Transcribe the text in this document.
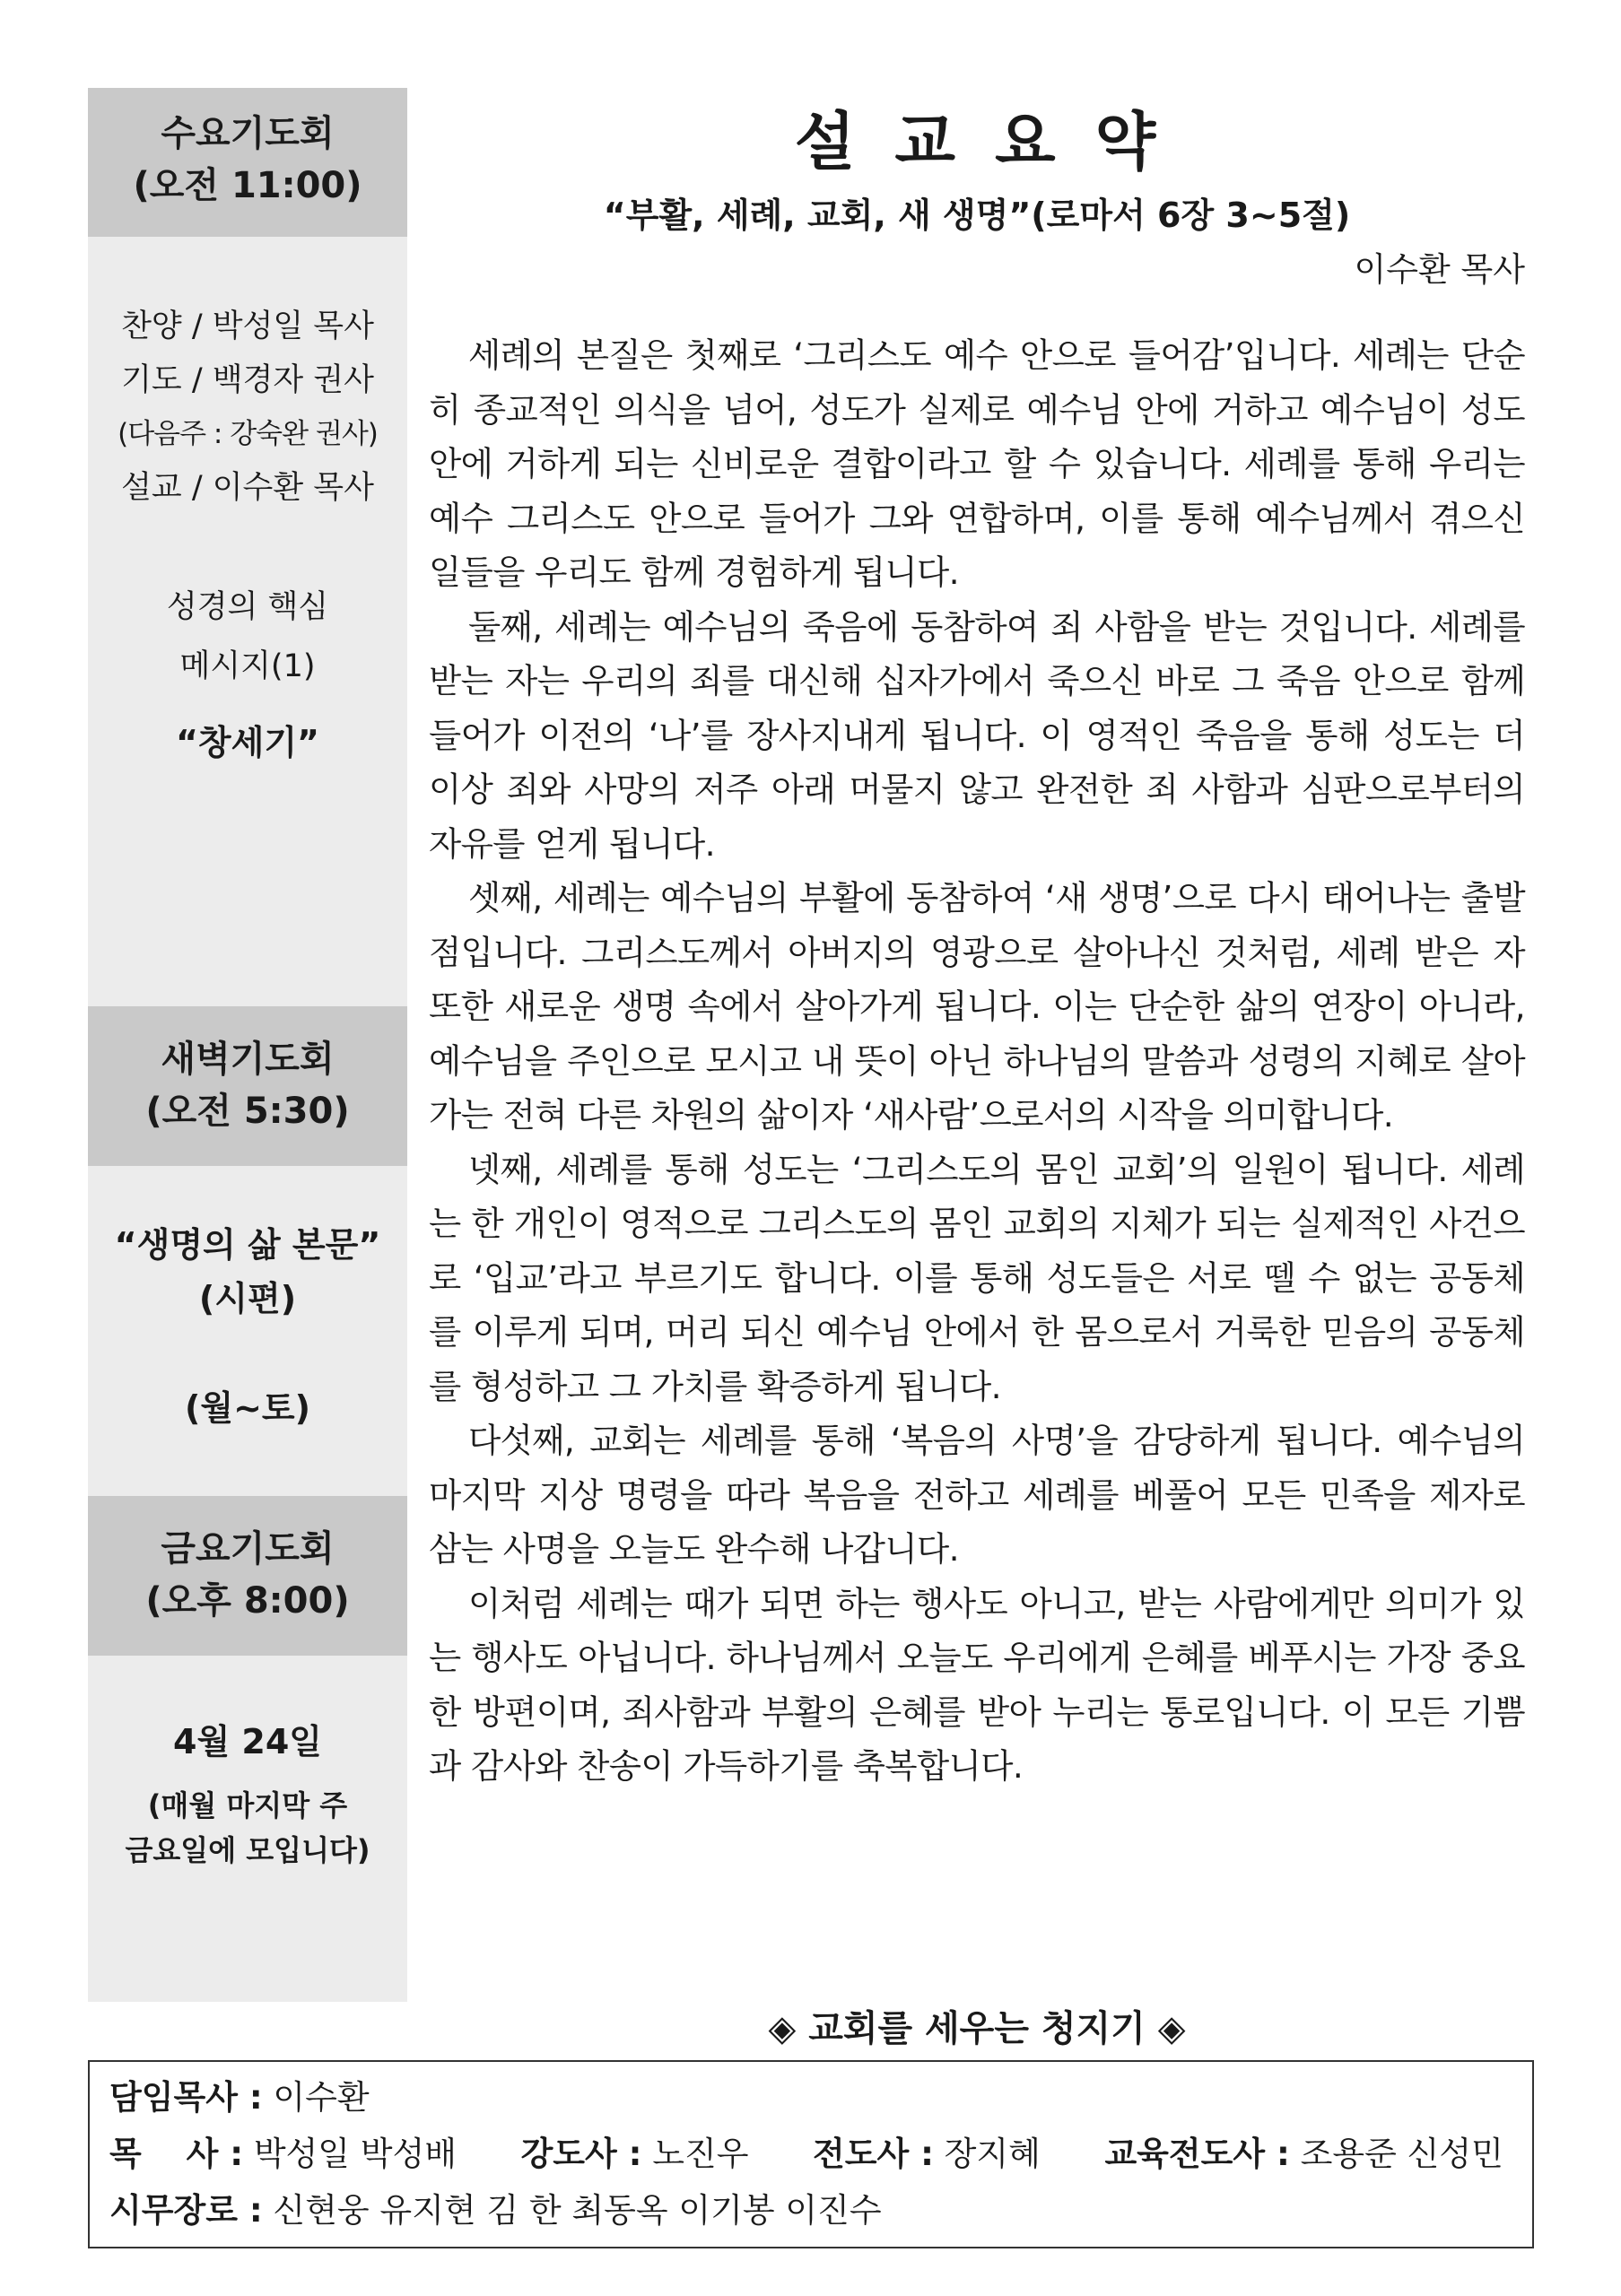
수요기도회
(오전 11:00)
찬양 / 박성일 목사
기도 / 백경자 권사
(다음주 : 강숙완 권사)
설교 / 이수환 목사
성경의 핵심
메시지(1)
“창세기”
새벽기도회
(오전 5:30)
“생명의 삶 본문”
(시편)
(월~토)
금요기도회
(오후 8:00)
4월 24일
(매월 마지막 주
금요일에 모입니다)
설교요약
“부활, 세례, 교회, 새 생명”(로마서 6장 3~5절)
이수환 목사

세례의 본질은 첫째로 ‘그리스도 예수 안으로 들어감’입니다. 세례는 단순히 종교적인 의식을 넘어, 성도가 실제로 예수님 안에 거하고 예수님이 성도 안에 거하게 되는 신비로운 결합이라고 할 수 있습니다. 세례를 통해 우리는 예수 그리스도 안으로 들어가 그와 연합하며, 이를 통해 예수님께서 겪으신 일들을 우리도 함께 경험하게 됩니다.

둘째, 세례는 예수님의 죽음에 동참하여 죄 사함을 받는 것입니다. 세례를 받는 자는 우리의 죄를 대신해 십자가에서 죽으신 바로 그 죽음 안으로 함께 들어가 이전의 ‘나’를 장사지내게 됩니다. 이 영적인 죽음을 통해 성도는 더 이상 죄와 사망의 저주 아래 머물지 않고 완전한 죄 사함과 심판으로부터의 자유를 얻게 됩니다.

셋째, 세례는 예수님의 부활에 동참하여 ‘새 생명’으로 다시 태어나는 출발점입니다. 그리스도께서 아버지의 영광으로 살아나신 것처럼, 세례 받은 자 또한 새로운 생명 속에서 살아가게 됩니다. 이는 단순한 삶의 연장이 아니라, 예수님을 주인으로 모시고 내 뜻이 아닌 하나님의 말씀과 성령의 지혜로 살아가는 전혀 다른 차원의 삶이자 ‘새사람’으로서의 시작을 의미합니다.

넷째, 세례를 통해 성도는 ‘그리스도의 몸인 교회’의 일원이 됩니다. 세례는 한 개인이 영적으로 그리스도의 몸인 교회의 지체가 되는 실제적인 사건으로 ‘입교’라고 부르기도 합니다. 이를 통해 성도들은 서로 뗄 수 없는 공동체를 이루게 되며, 머리 되신 예수님 안에서 한 몸으로서 거룩한 믿음의 공동체를 형성하고 그 가치를 확증하게 됩니다.

다섯째, 교회는 세례를 통해 ‘복음의 사명’을 감당하게 됩니다. 예수님의 마지막 지상 명령을 따라 복음을 전하고 세례를 베풀어 모든 민족을 제자로 삼는 사명을 오늘도 완수해 나갑니다.

이처럼 세례는 때가 되면 하는 행사도 아니고, 받는 사람에게만 의미가 있는 행사도 아닙니다. 하나님께서 오늘도 우리에게 은혜를 베푸시는 가장 중요한 방편이며, 죄사함과 부활의 은혜를 받아 누리는 통로입니다. 이 모든 기쁨과 감사와 찬송이 가득하기를 축복합니다.

◈ 교회를 세우는 청지기 ◈
담임목사 : 이수환
목　 사 : 박성일 박성배 강도사 : 노진우 전도사 : 장지혜 교육전도사 : 조용준 신성민
시무장로 : 신현웅 유지현 김 한 최동옥 이기봉 이진수
